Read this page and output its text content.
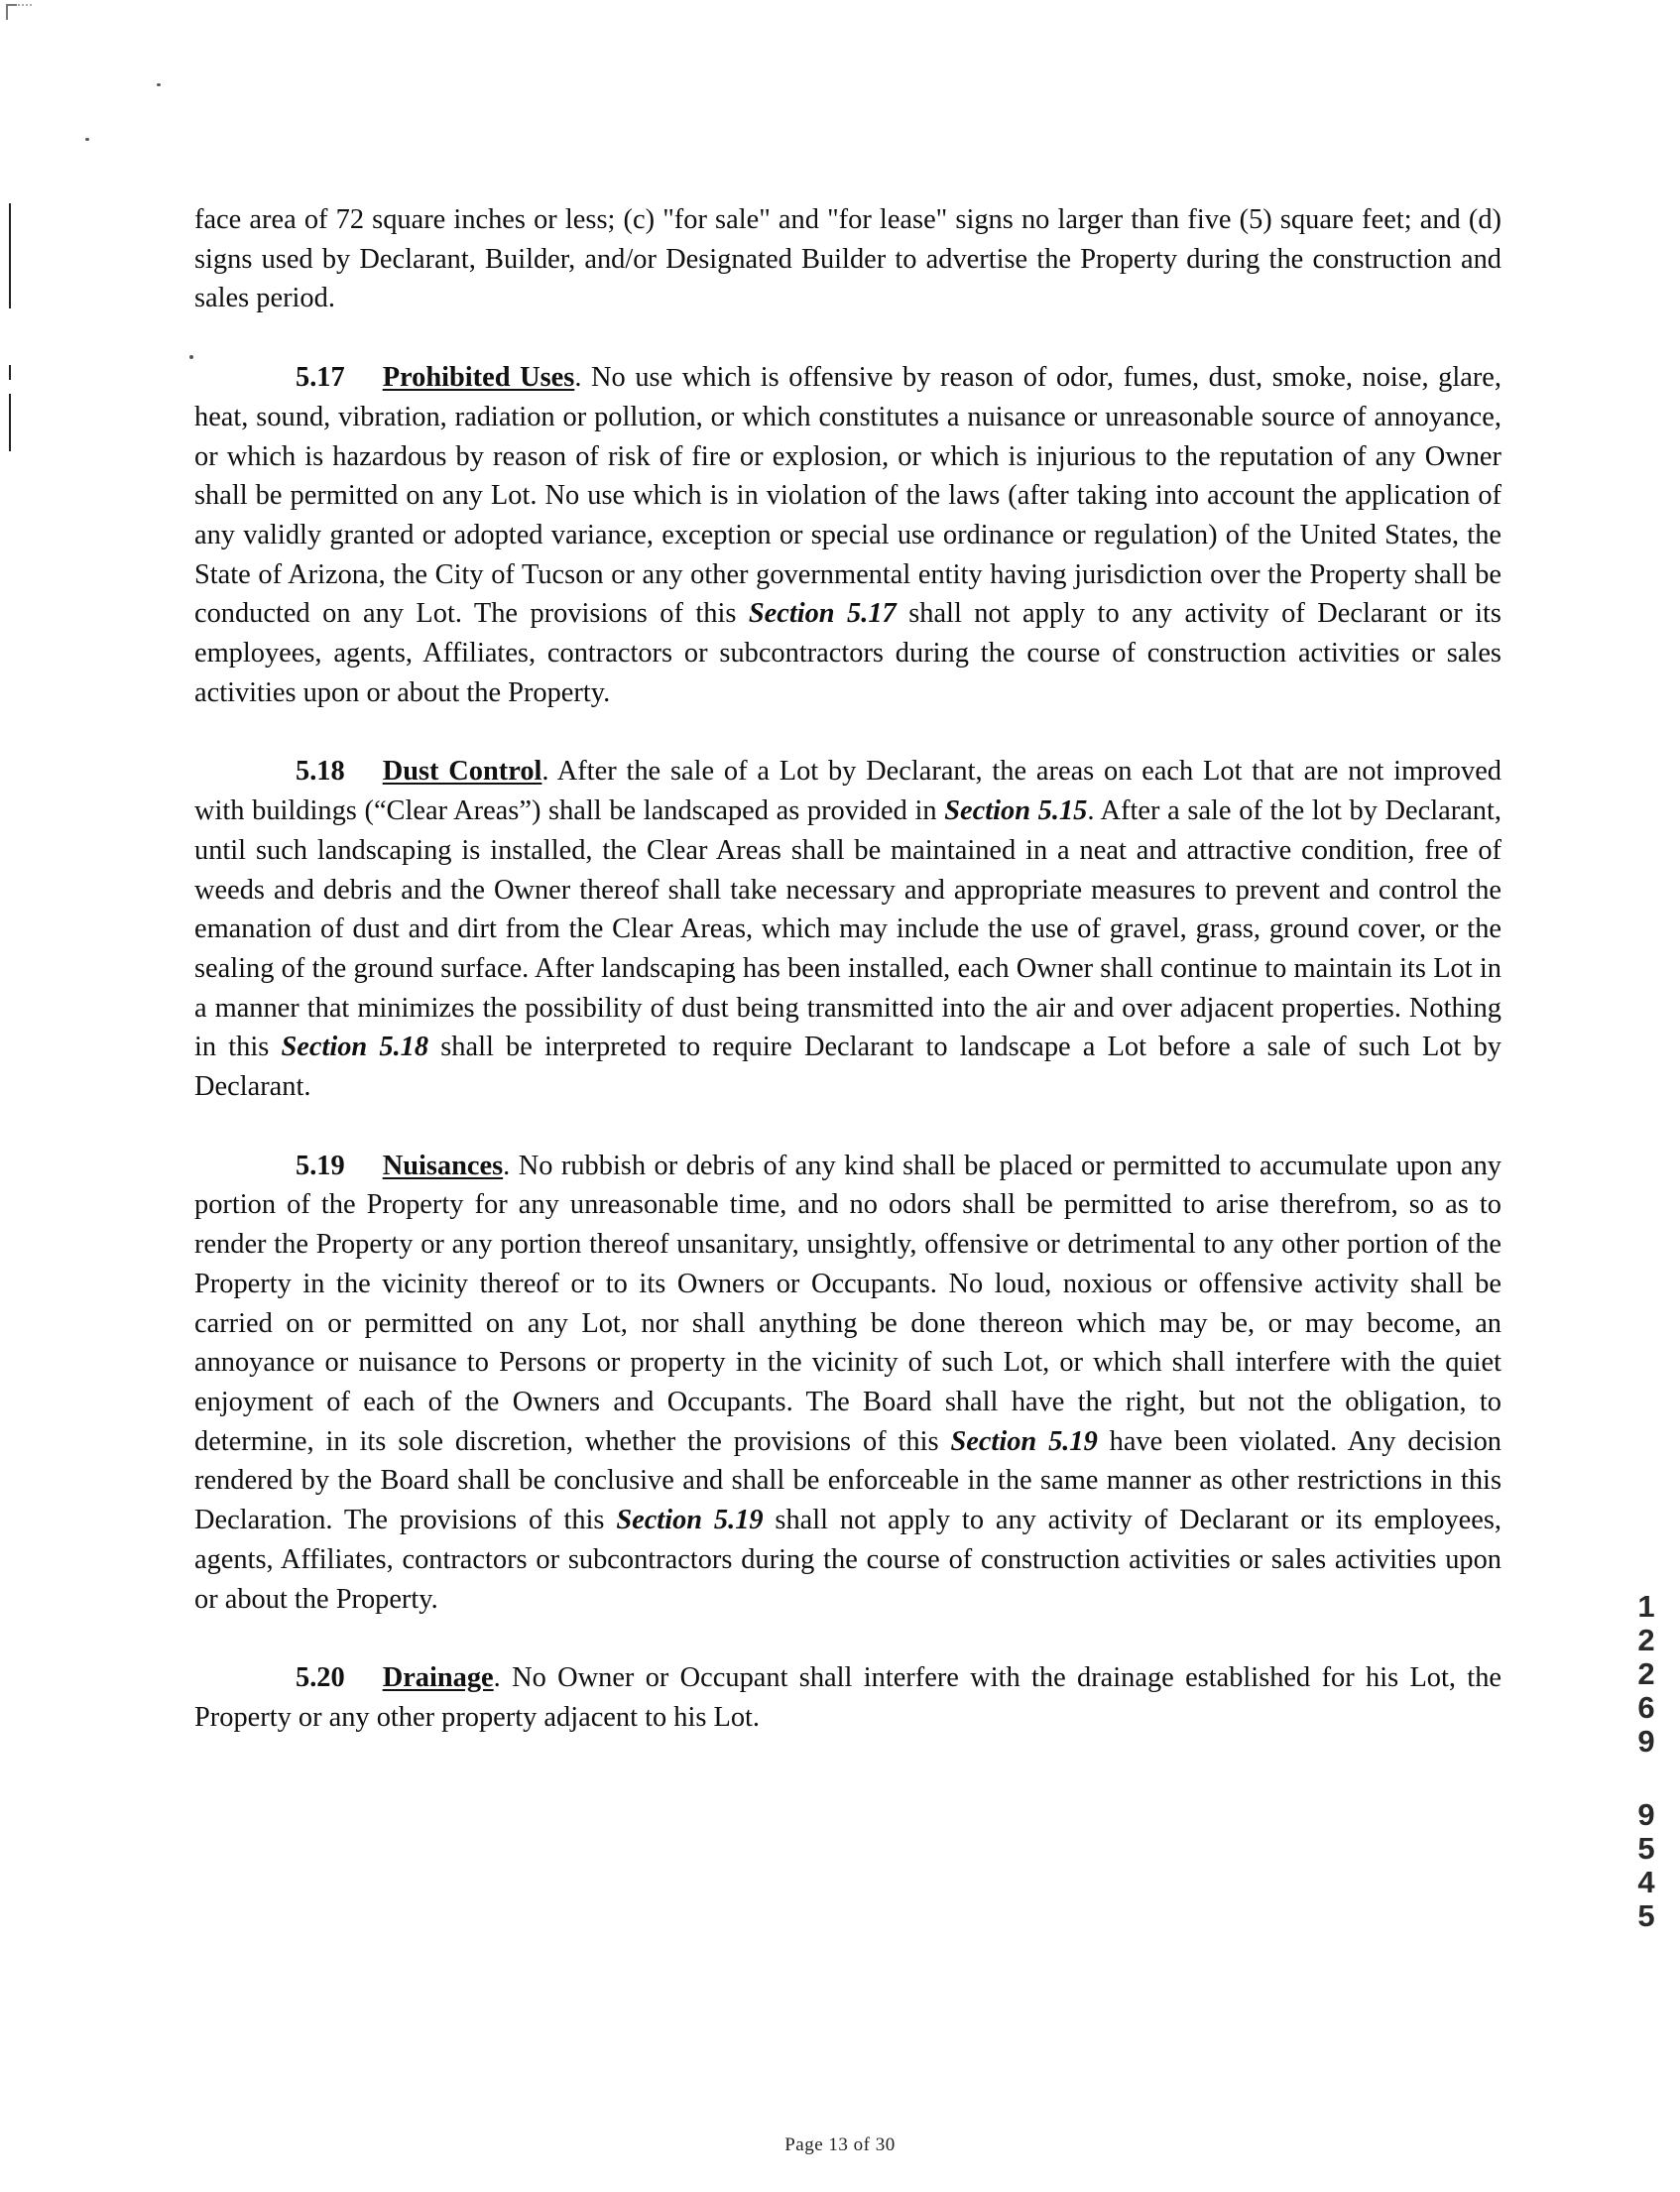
face area of 72 square inches or less; (c) "for sale" and "for lease" signs no larger than five (5) square feet; and (d) signs used by Declarant, Builder, and/or Designated Builder to advertise the Property during the construction and sales period.

5.17 Prohibited Uses. No use which is offensive by reason of odor, fumes, dust, smoke, noise, glare, heat, sound, vibration, radiation or pollution, or which constitutes a nuisance or unreasonable source of annoyance, or which is hazardous by reason of risk of fire or explosion, or which is injurious to the reputation of any Owner shall be permitted on any Lot. No use which is in violation of the laws (after taking into account the application of any validly granted or adopted variance, exception or special use ordinance or regulation) of the United States, the State of Arizona, the City of Tucson or any other governmental entity having jurisdiction over the Property shall be conducted on any Lot. The provisions of this Section 5.17 shall not apply to any activity of Declarant or its employees, agents, Affiliates, contractors or subcontractors during the course of construction activities or sales activities upon or about the Property.

5.18 Dust Control. After the sale of a Lot by Declarant, the areas on each Lot that are not improved with buildings (“Clear Areas”) shall be landscaped as provided in Section 5.15. After a sale of the lot by Declarant, until such landscaping is installed, the Clear Areas shall be maintained in a neat and attractive condition, free of weeds and debris and the Owner thereof shall take necessary and appropriate measures to prevent and control the emanation of dust and dirt from the Clear Areas, which may include the use of gravel, grass, ground cover, or the sealing of the ground surface. After landscaping has been installed, each Owner shall continue to maintain its Lot in a manner that minimizes the possibility of dust being transmitted into the air and over adjacent properties. Nothing in this Section 5.18 shall be interpreted to require Declarant to landscape a Lot before a sale of such Lot by Declarant.

5.19 Nuisances. No rubbish or debris of any kind shall be placed or permitted to accumulate upon any portion of the Property for any unreasonable time, and no odors shall be permitted to arise therefrom, so as to render the Property or any portion thereof unsanitary, unsightly, offensive or detrimental to any other portion of the Property in the vicinity thereof or to its Owners or Occupants. No loud, noxious or offensive activity shall be carried on or permitted on any Lot, nor shall anything be done thereon which may be, or may become, an annoyance or nuisance to Persons or property in the vicinity of such Lot, or which shall interfere with the quiet enjoyment of each of the Owners and Occupants. The Board shall have the right, but not the obligation, to determine, in its sole discretion, whether the provisions of this Section 5.19 have been violated. Any decision rendered by the Board shall be conclusive and shall be enforceable in the same manner as other restrictions in this Declaration. The provisions of this Section 5.19 shall not apply to any activity of Declarant or its employees, agents, Affiliates, contractors or subcontractors during the course of construction activities or sales activities upon or about the Property.

5.20 Drainage. No Owner or Occupant shall interfere with the drainage established for his Lot, the Property or any other property adjacent to his Lot.

Page 13 of 30
1
2
2
6
9
9
5
4
5
